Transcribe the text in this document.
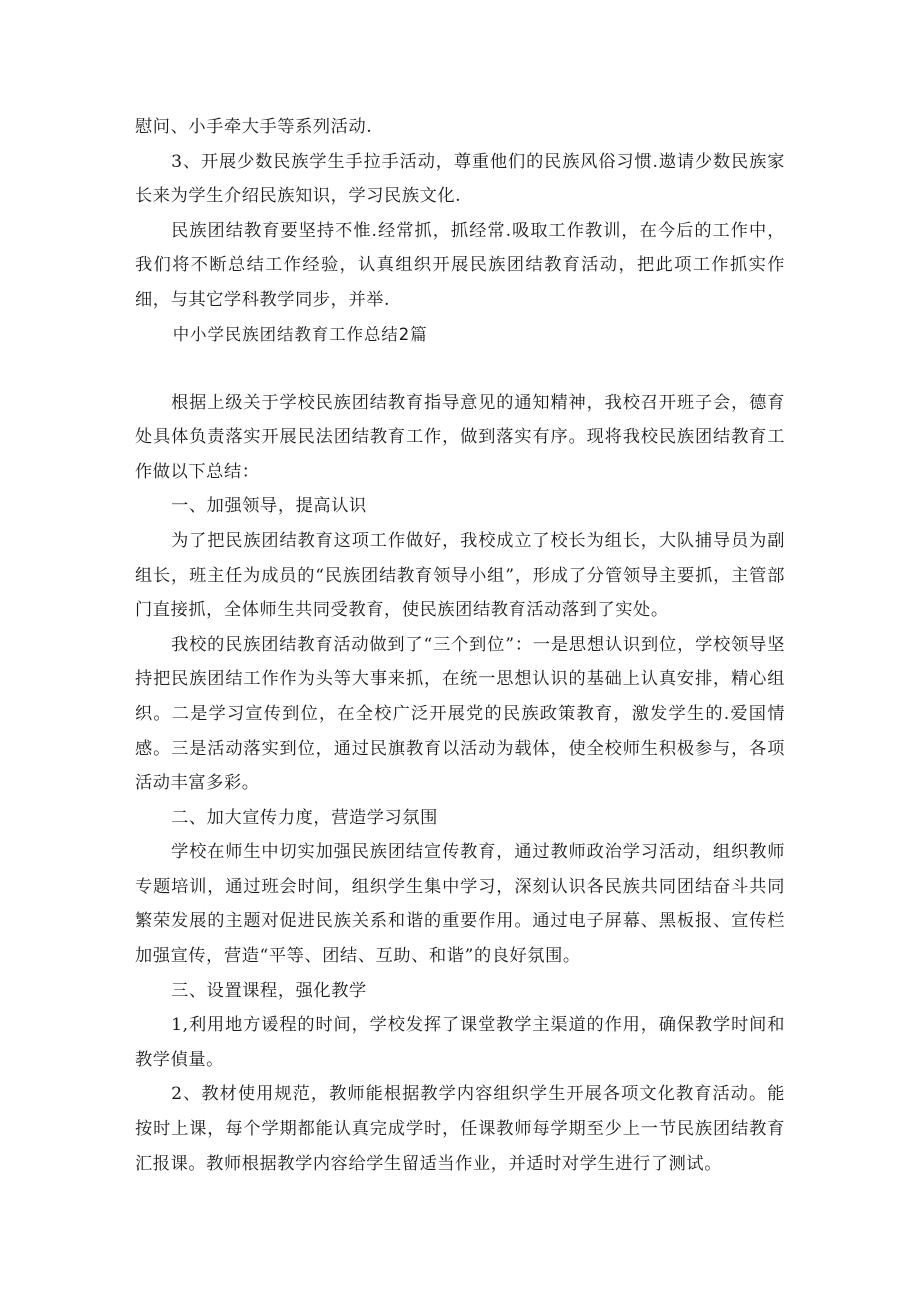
慰问、小手牵大手等系列活动.

3、开展少数民族学生手拉手活动，尊重他们的民族风俗习惯.遨请少数民族家长来为学生介绍民族知识，学习民族文化.

民族团结教育要坚持不惟.经常抓，抓经常.吸取工作教训，在今后的工作中，我们将不断总结工作经验，认真组织开展民族团结教育活动，把此项工作抓实作细，与其它学科教学同步，并举.

中小学民族团结教育工作总结2篇

根据上级关于学校民族团结教育指导意见的通知精神，我校召开班子会，德育处具体负责落实开展民法团结教育工作，做到落实有序。现将我校民族团结教育工作做以下总结：

一、加强领导，提高认识

为了把民族团结教育这项工作做好，我校成立了校长为组长，大队捕导员为副组长，班主任为成员的“民族团结教育领导小组”，形成了分管领导主要抓，主管部门直接抓，全体师生共同受教育，使民族团结教育活动落到了实处。

我校的民族团结教育活动做到了“三个到位”：一是思想认识到位，学校领导坚持把民族团结工作作为头等大事来抓，在统一思想认识的基础上认真安排，精心组织。二是学习宣传到位，在全校广泛开展党的民族政策教育，激发学生的.爱国情感。三是活动落实到位，通过民旗教育以活动为载体，使全校师生积极参与，各项活动丰富多彩。

二、加大宣传力度，营造学习氛围

学校在师生中切实加强民族团结宣传教育，通过教师政治学习活动，组织教师专题培训，通过班会时间，组织学生集中学习，深刻认识各民族共同团结奋斗共同繁荣发展的主题对促进民族关系和谐的重要作用。通过电子屏幕、黑板报、宣传栏加强宣传，营造“平等、团结、互助、和谐”的良好氛围。

三、设置课程，强化教学

1,利用地方谖程的时间，学校发挥了课堂教学主渠道的作用，确保教学时间和教学偵量。

2、教材使用规范，教师能根据教学内容组织学生开展各项文化教育活动。能按时上课，每个学期都能认真完成学时，任课教师每学期至少上一节民族团结教育汇报课。教师根据教学内容给学生留适当作业，并适时对学生进行了测试。
